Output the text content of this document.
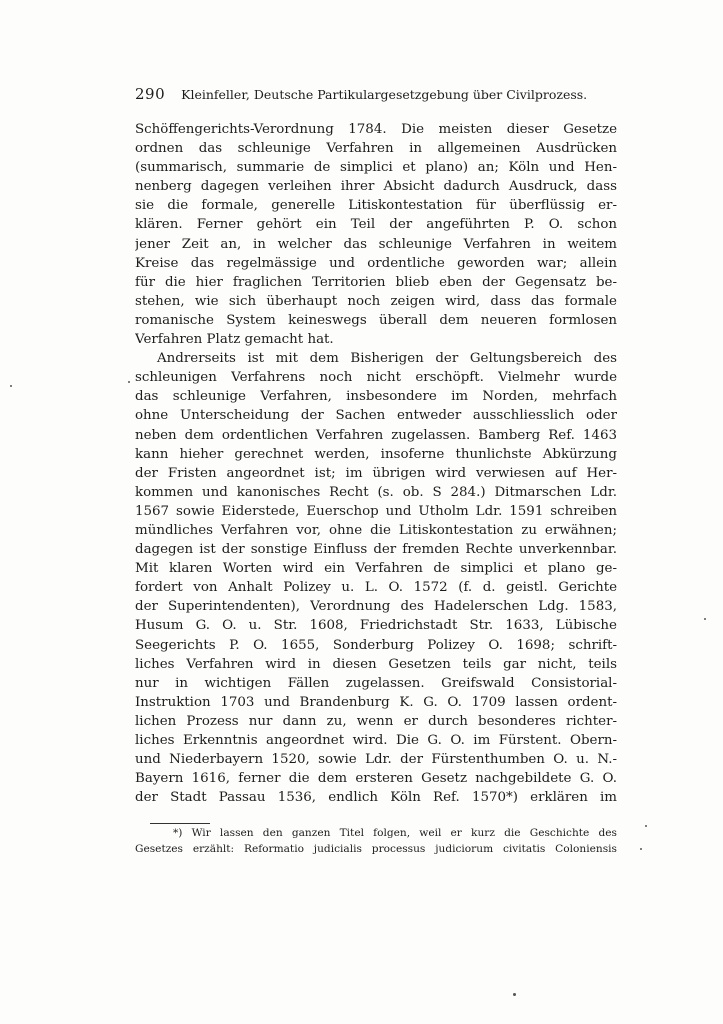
290 Kleinfeller, Deutsche Partikulargesetzgebung über Civilprozess.
Schöffengerichts-Verordnung 1784. Die meisten dieser Gesetze
ordnen das schleunige Verfahren in allgemeinen Ausdrücken
(summarisch, summarie de simplici et plano) an; Köln und Hen-
nenberg dagegen verleihen ihrer Absicht dadurch Ausdruck, dass
sie die formale, generelle Litiskontestation für überflüssig er-
klären. Ferner gehört ein Teil der angeführten P. O. schon
jener Zeit an, in welcher das schleunige Verfahren in weitem
Kreise das regelmässige und ordentliche geworden war; allein
für die hier fraglichen Territorien blieb eben der Gegensatz be-
stehen, wie sich überhaupt noch zeigen wird, dass das formale
romanische System keineswegs überall dem neueren formlosen
Verfahren Platz gemacht hat.
Andrerseits ist mit dem Bisherigen der Geltungsbereich des
schleunigen Verfahrens noch nicht erschöpft. Vielmehr wurde
das schleunige Verfahren, insbesondere im Norden, mehrfach
ohne Unterscheidung der Sachen entweder ausschliesslich oder
neben dem ordentlichen Verfahren zugelassen. Bamberg Ref. 1463
kann hieher gerechnet werden, insoferne thunlichste Abkürzung
der Fristen angeordnet ist; im übrigen wird verwiesen auf Her-
kommen und kanonisches Recht (s. ob. S 284.) Ditmarschen Ldr.
1567 sowie Eiderstede, Euerschop und Utholm Ldr. 1591 schreiben
mündliches Verfahren vor, ohne die Litiskontestation zu erwähnen;
dagegen ist der sonstige Einfluss der fremden Rechte unverkennbar.
Mit klaren Worten wird ein Verfahren de simplici et plano ge-
fordert von Anhalt Polizey u. L. O. 1572 (f. d. geistl. Gerichte
der Superintendenten), Verordnung des Hadelerschen Ldg. 1583,
Husum G. O. u. Str. 1608, Friedrichstadt Str. 1633, Lübische
Seegerichts P. O. 1655, Sonderburg Polizey O. 1698; schrift-
liches Verfahren wird in diesen Gesetzen teils gar nicht, teils
nur in wichtigen Fällen zugelassen. Greifswald Consistorial-
Instruktion 1703 und Brandenburg K. G. O. 1709 lassen ordent-
lichen Prozess nur dann zu, wenn er durch besonderes richter-
liches Erkenntnis angeordnet wird. Die G. O. im Fürstent. Obern-
und Niederbayern 1520, sowie Ldr. der Fürstenthumben O. u. N.-
Bayern 1616, ferner die dem ersteren Gesetz nachgebildete G. O.
der Stadt Passau 1536, endlich Köln Ref. 1570*) erklären im
*) Wir lassen den ganzen Titel folgen, weil er kurz die Geschichte des
Gesetzes erzählt: Reformatio judicialis processus judiciorum civitatis Coloniensis
